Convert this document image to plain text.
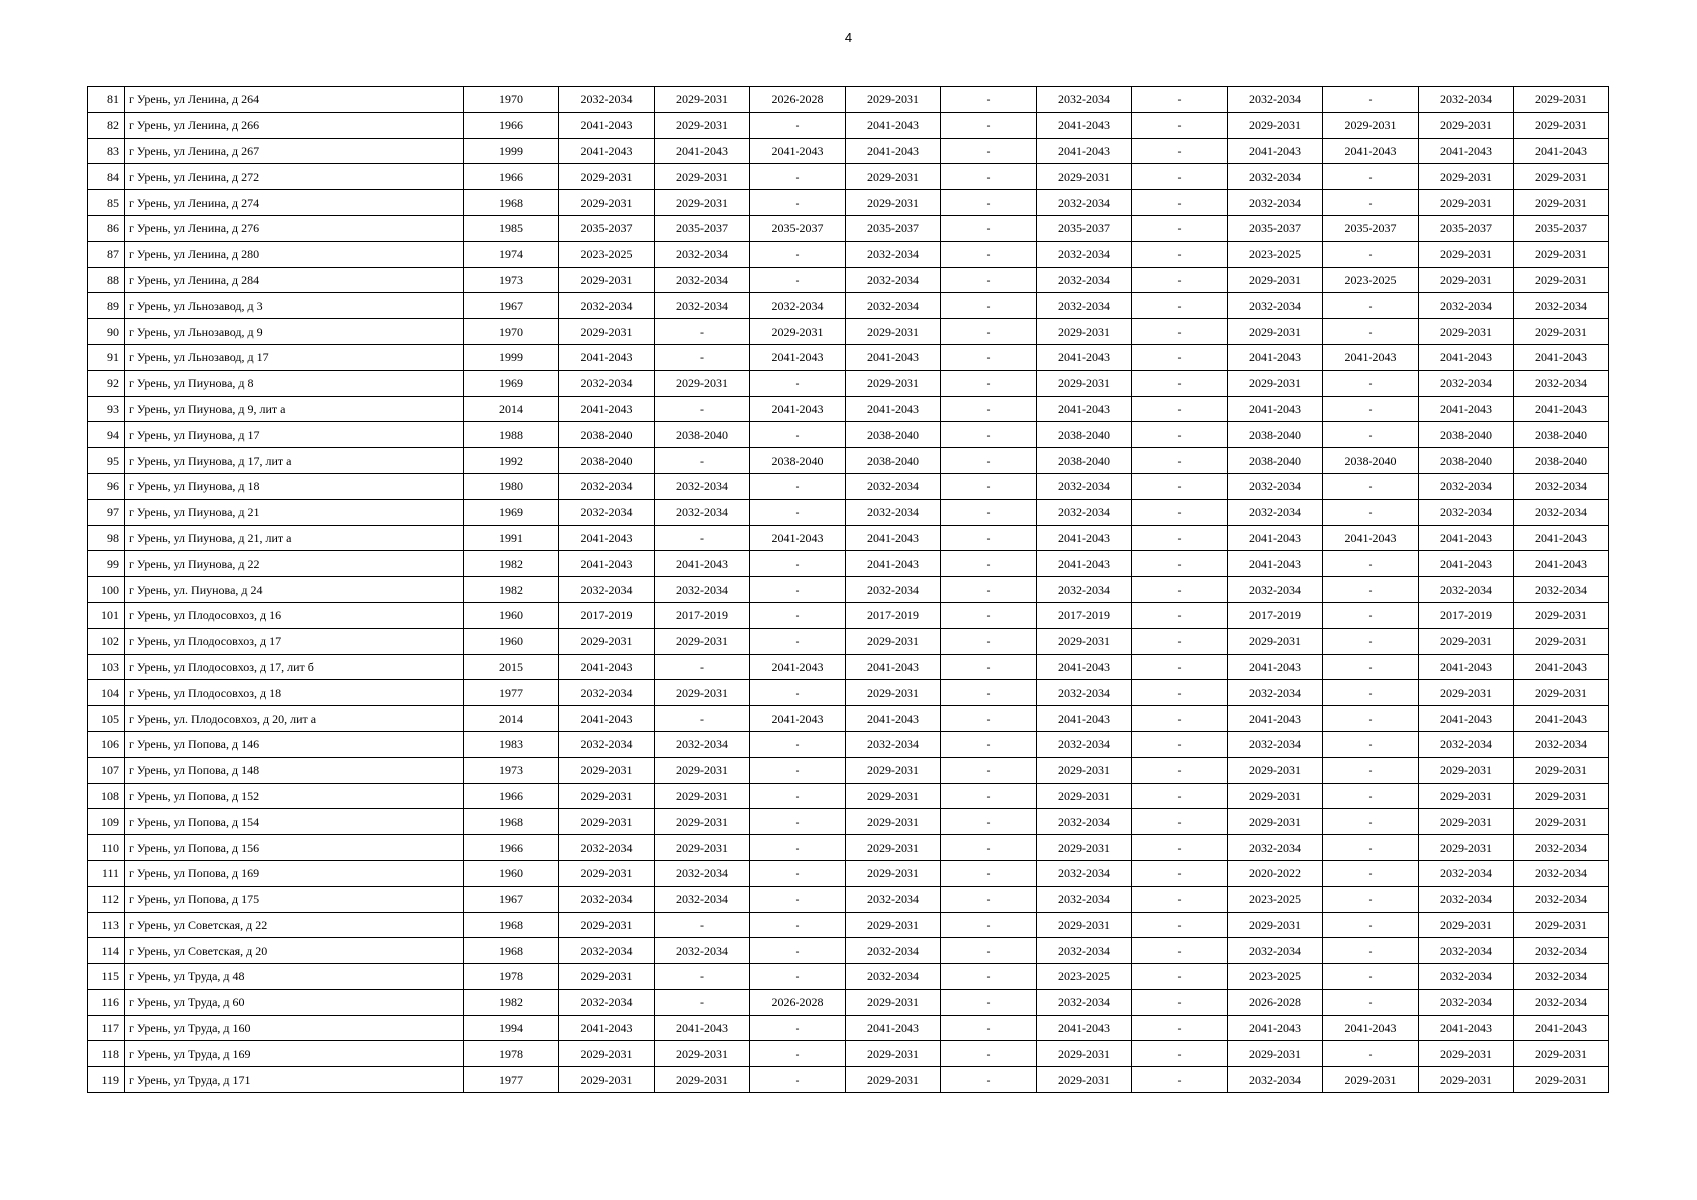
4
81	г Урень, ул Ленина, д 264	1970	2032-2034	2029-2031	2026-2028	2029-2031	-	2032-2034	-	2032-2034	-	2032-2034	2029-2031
82	г Урень, ул Ленина, д 266	1966	2041-2043	2029-2031	-	2041-2043	-	2041-2043	-	2029-2031	2029-2031	2029-2031	2029-2031
83	г Урень, ул Ленина, д 267	1999	2041-2043	2041-2043	2041-2043	2041-2043	-	2041-2043	-	2041-2043	2041-2043	2041-2043	2041-2043
84	г Урень, ул Ленина, д 272	1966	2029-2031	2029-2031	-	2029-2031	-	2029-2031	-	2032-2034	-	2029-2031	2029-2031
85	г Урень, ул Ленина, д 274	1968	2029-2031	2029-2031	-	2029-2031	-	2032-2034	-	2032-2034	-	2029-2031	2029-2031
86	г Урень, ул Ленина, д 276	1985	2035-2037	2035-2037	2035-2037	2035-2037	-	2035-2037	-	2035-2037	2035-2037	2035-2037	2035-2037
87	г Урень, ул Ленина, д 280	1974	2023-2025	2032-2034	-	2032-2034	-	2032-2034	-	2023-2025	-	2029-2031	2029-2031
88	г Урень, ул Ленина, д 284	1973	2029-2031	2032-2034	-	2032-2034	-	2032-2034	-	2029-2031	2023-2025	2029-2031	2029-2031
89	г Урень, ул Льнозавод, д 3	1967	2032-2034	2032-2034	2032-2034	2032-2034	-	2032-2034	-	2032-2034	-	2032-2034	2032-2034
90	г Урень, ул Льнозавод, д 9	1970	2029-2031	-	2029-2031	2029-2031	-	2029-2031	-	2029-2031	-	2029-2031	2029-2031
91	г Урень, ул Льнозавод, д 17	1999	2041-2043	-	2041-2043	2041-2043	-	2041-2043	-	2041-2043	2041-2043	2041-2043	2041-2043
92	г Урень, ул Пиунова, д 8	1969	2032-2034	2029-2031	-	2029-2031	-	2029-2031	-	2029-2031	-	2032-2034	2032-2034
93	г Урень, ул Пиунова, д 9, лит а	2014	2041-2043	-	2041-2043	2041-2043	-	2041-2043	-	2041-2043	-	2041-2043	2041-2043
94	г Урень, ул Пиунова, д 17	1988	2038-2040	2038-2040	-	2038-2040	-	2038-2040	-	2038-2040	-	2038-2040	2038-2040
95	г Урень, ул Пиунова, д 17, лит а	1992	2038-2040	-	2038-2040	2038-2040	-	2038-2040	-	2038-2040	2038-2040	2038-2040	2038-2040
96	г Урень, ул Пиунова, д 18	1980	2032-2034	2032-2034	-	2032-2034	-	2032-2034	-	2032-2034	-	2032-2034	2032-2034
97	г Урень, ул Пиунова, д 21	1969	2032-2034	2032-2034	-	2032-2034	-	2032-2034	-	2032-2034	-	2032-2034	2032-2034
98	г Урень, ул Пиунова, д 21, лит а	1991	2041-2043	-	2041-2043	2041-2043	-	2041-2043	-	2041-2043	2041-2043	2041-2043	2041-2043
99	г Урень, ул Пиунова, д 22	1982	2041-2043	2041-2043	-	2041-2043	-	2041-2043	-	2041-2043	-	2041-2043	2041-2043
100	г Урень, ул. Пиунова, д 24	1982	2032-2034	2032-2034	-	2032-2034	-	2032-2034	-	2032-2034	-	2032-2034	2032-2034
101	г Урень, ул Плодосовхоз, д 16	1960	2017-2019	2017-2019	-	2017-2019	-	2017-2019	-	2017-2019	-	2017-2019	2029-2031
102	г Урень, ул Плодосовхоз, д 17	1960	2029-2031	2029-2031	-	2029-2031	-	2029-2031	-	2029-2031	-	2029-2031	2029-2031
103	г Урень, ул Плодосовхоз, д 17, лит б	2015	2041-2043	-	2041-2043	2041-2043	-	2041-2043	-	2041-2043	-	2041-2043	2041-2043
104	г Урень, ул Плодосовхоз, д 18	1977	2032-2034	2029-2031	-	2029-2031	-	2032-2034	-	2032-2034	-	2029-2031	2029-2031
105	г Урень, ул. Плодосовхоз, д 20, лит а	2014	2041-2043	-	2041-2043	2041-2043	-	2041-2043	-	2041-2043	-	2041-2043	2041-2043
106	г Урень, ул Попова, д 146	1983	2032-2034	2032-2034	-	2032-2034	-	2032-2034	-	2032-2034	-	2032-2034	2032-2034
107	г Урень, ул Попова, д 148	1973	2029-2031	2029-2031	-	2029-2031	-	2029-2031	-	2029-2031	-	2029-2031	2029-2031
108	г Урень, ул Попова, д 152	1966	2029-2031	2029-2031	-	2029-2031	-	2029-2031	-	2029-2031	-	2029-2031	2029-2031
109	г Урень, ул Попова, д 154	1968	2029-2031	2029-2031	-	2029-2031	-	2032-2034	-	2029-2031	-	2029-2031	2029-2031
110	г Урень, ул Попова, д 156	1966	2032-2034	2029-2031	-	2029-2031	-	2029-2031	-	2032-2034	-	2029-2031	2032-2034
111	г Урень, ул Попова, д 169	1960	2029-2031	2032-2034	-	2029-2031	-	2032-2034	-	2020-2022	-	2032-2034	2032-2034
112	г Урень, ул Попова, д 175	1967	2032-2034	2032-2034	-	2032-2034	-	2032-2034	-	2023-2025	-	2032-2034	2032-2034
113	г Урень, ул Советская, д 22	1968	2029-2031	-	-	2029-2031	-	2029-2031	-	2029-2031	-	2029-2031	2029-2031
114	г Урень, ул Советская, д 20	1968	2032-2034	2032-2034	-	2032-2034	-	2032-2034	-	2032-2034	-	2032-2034	2032-2034
115	г Урень, ул Труда, д 48	1978	2029-2031	-	-	2032-2034	-	2023-2025	-	2023-2025	-	2032-2034	2032-2034
116	г Урень, ул Труда, д 60	1982	2032-2034	-	2026-2028	2029-2031	-	2032-2034	-	2026-2028	-	2032-2034	2032-2034
117	г Урень, ул Труда, д 160	1994	2041-2043	2041-2043	-	2041-2043	-	2041-2043	-	2041-2043	2041-2043	2041-2043	2041-2043
118	г Урень, ул Труда, д 169	1978	2029-2031	2029-2031	-	2029-2031	-	2029-2031	-	2029-2031	-	2029-2031	2029-2031
119	г Урень, ул Труда, д 171	1977	2029-2031	2029-2031	-	2029-2031	-	2029-2031	-	2032-2034	2029-2031	2029-2031	2029-2031
